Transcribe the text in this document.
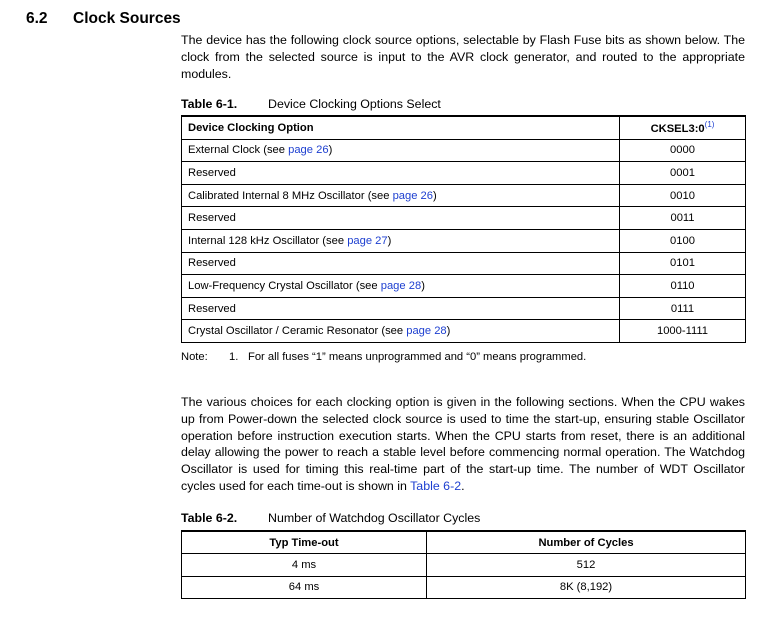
6.2 Clock Sources

The device has the following clock source options, selectable by Flash Fuse bits as shown below. The clock from the selected source is input to the AVR clock generator, and routed to the appropriate modules.

Table 6-1. Device Clocking Options Select
Device Clocking Option	CKSEL3:0$^{(1)}$
External Clock (see page 26)	0000
Reserved	0001
Calibrated Internal 8 MHz Oscillator (see page 26)	0010
Reserved	0011
Internal 128 kHz Oscillator (see page 27)	0100
Reserved	0101
Low-Frequency Crystal Oscillator (see page 28)	0110
Reserved	0111
Crystal Oscillator / Ceramic Resonator (see page 28)	1000-1111
Note: 1. For all fuses “1” means unprogrammed and “0” means programmed.

The various choices for each clocking option is given in the following sections. When the CPU wakes up from Power-down the selected clock source is used to time the start-up, ensuring stable Oscillator operation before instruction execution starts. When the CPU starts from reset, there is an additional delay allowing the power to reach a stable level before commencing normal operation. The Watchdog Oscillator is used for timing this real-time part of the start-up time. The number of WDT Oscillator cycles used for each time-out is shown in Table 6-2.

Table 6-2. Number of Watchdog Oscillator Cycles
Typ Time-out	Number of Cycles
4 ms	512
64 ms	8K (8,192)
